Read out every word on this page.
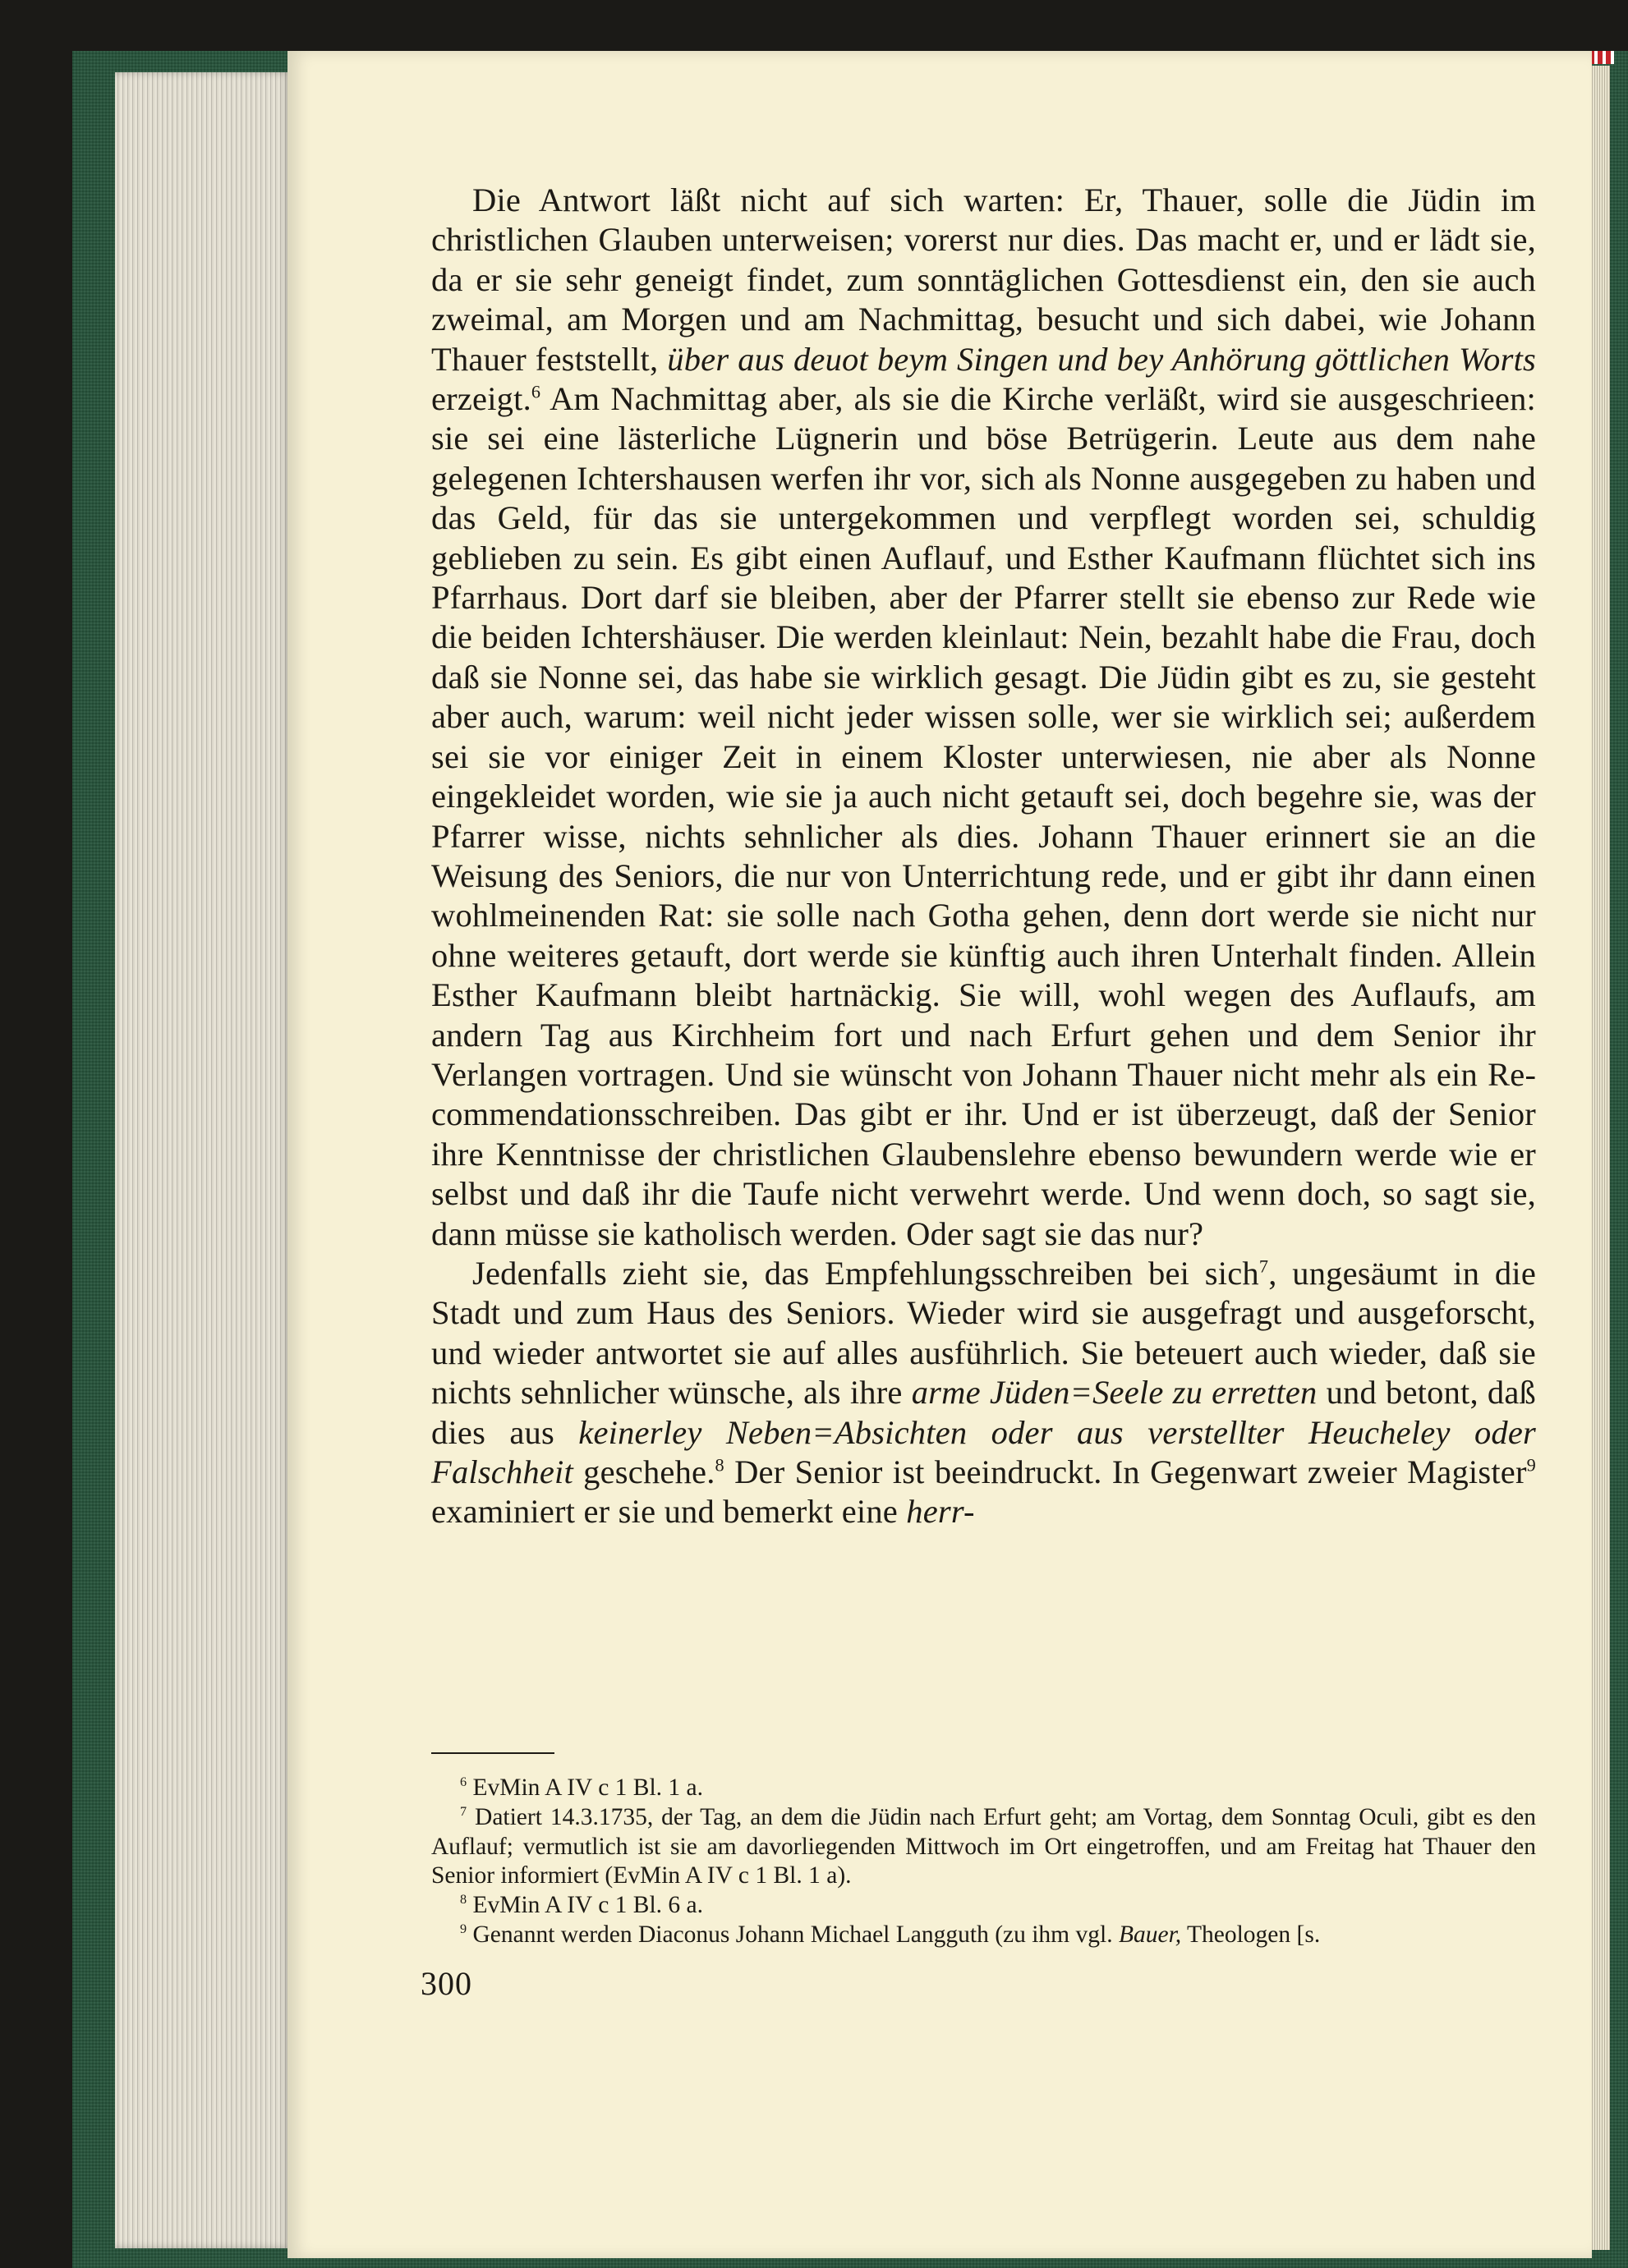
Die Antwort läßt nicht auf sich warten: Er, Thauer, solle die Jüdin im christlichen Glauben unterweisen; vorerst nur dies. Das macht er, und er lädt sie, da er sie sehr geneigt findet, zum sonntäglichen Gottesdienst ein, den sie auch zweimal, am Morgen und am Nachmittag, besucht und sich dabei, wie Johann Thauer feststellt, über aus deuot beym Singen und bey Anhörung göttlichen Worts erzeigt.$^6$ Am Nachmittag aber, als sie die Kirche verläßt, wird sie ausgeschrieen: sie sei eine lästerliche Lügnerin und böse Betrügerin. Leute aus dem nahe gelegenen Ichtershausen werfen ihr vor, sich als Nonne ausgegeben zu haben und das Geld, für das sie untergekommen und verpflegt worden sei, schuldig geblieben zu sein. Es gibt einen Auflauf, und Esther Kaufmann flüchtet sich ins Pfarrhaus. Dort darf sie bleiben, aber der Pfarrer stellt sie ebenso zur Rede wie die beiden Ichtershäuser. Die werden kleinlaut: Nein, bezahlt habe die Frau, doch daß sie Nonne sei, das habe sie wirklich gesagt. Die Jüdin gibt es zu, sie gesteht aber auch, warum: weil nicht jeder wissen solle, wer sie wirklich sei; außerdem sei sie vor einiger Zeit in einem Kloster unterwiesen, nie aber als Nonne eingekleidet worden, wie sie ja auch nicht getauft sei, doch begehre sie, was der Pfarrer wisse, nichts sehnlicher als dies. Johann Thauer erinnert sie an die Weisung des Seniors, die nur von Unterrichtung rede, und er gibt ihr dann einen wohlmeinenden Rat: sie solle nach Gotha gehen, denn dort werde sie nicht nur ohne weiteres getauft, dort werde sie künftig auch ihren Unterhalt finden. Allein Esther Kaufmann bleibt hartnäckig. Sie will, wohl wegen des Auflaufs, am andern Tag aus Kirchheim fort und nach Erfurt gehen und dem Senior ihr Verlangen vortragen. Und sie wünscht von Johann Thauer nicht mehr als ein Recommendationsschreiben. Das gibt er ihr. Und er ist überzeugt, daß der Senior ihre Kenntnisse der christlichen Glaubenslehre ebenso bewundern werde wie er selbst und daß ihr die Taufe nicht verwehrt werde. Und wenn doch, so sagt sie, dann müsse sie katholisch werden. Oder sagt sie das nur?

Jedenfalls zieht sie, das Empfehlungsschreiben bei sich$^7$, ungesäumt in die Stadt und zum Haus des Seniors. Wieder wird sie ausgefragt und ausgeforscht, und wieder antwortet sie auf alles ausführlich. Sie beteuert auch wieder, daß sie nichts sehnlicher wünsche, als ihre arme Jüden=Seele zu erretten und betont, daß dies aus keinerley Neben=Absichten oder aus verstellter Heucheley oder Falschheit geschehe.$^8$ Der Senior ist beeindruckt. In Gegenwart zweier Magister$^9$ examiniert er sie und bemerkt eine herr-

$^6$ EvMin A IV c 1 Bl. 1 a.

$^7$ Datiert 14.3.1735, der Tag, an dem die Jüdin nach Erfurt geht; am Vortag, dem Sonntag Oculi, gibt es den Auflauf; vermutlich ist sie am davorliegenden Mittwoch im Ort eingetroffen, und am Freitag hat Thauer den Senior informiert (EvMin A IV c 1 Bl. 1 a).

$^8$ EvMin A IV c 1 Bl. 6 a.

$^9$ Genannt werden Diaconus Johann Michael Langguth (zu ihm vgl. Bauer, Theologen [s.

300
